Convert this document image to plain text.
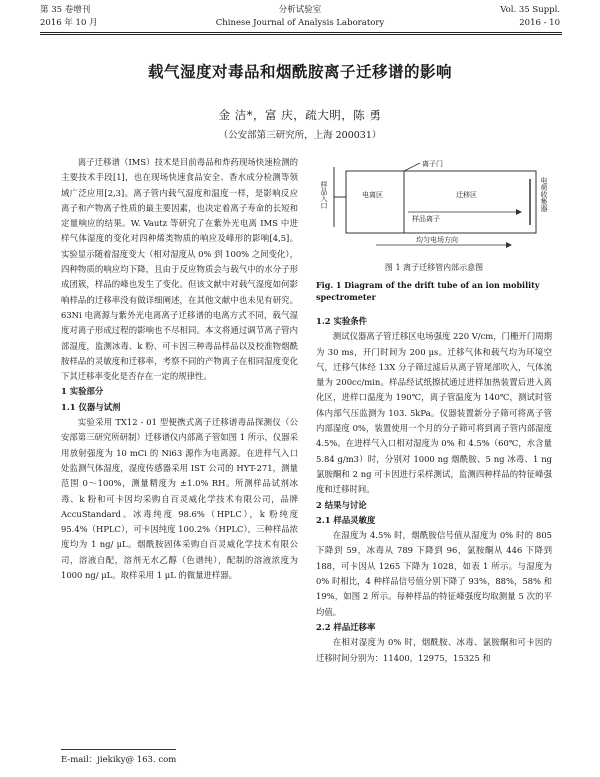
第 35 卷增刊
2016 年 10 月
分析试验室
Chinese Journal of Analysis Laboratory
Vol. 35 Suppl.
2016 - 10
载气湿度对毒品和烟酰胺离子迁移谱的影响
金 洁*，富 庆，疏大明，陈 勇
（公安部第三研究所，上海 200031）

离子迁移谱（IMS）技术是目前毒品和炸药现场快速检测的主要技术手段[1]，也在现场快速食品安全、香水成分检测等领域广泛应用[2,3]。离子管内载气湿度和温度一样，是影响反应离子和产物离子性质的最主要因素，也决定着离子寿命的长短和定量响应的结果。W. Vautz 等研究了在紫外光电离 IMS 中进样气体湿度的变化对四种烯类物质的响应及峰形的影响[4,5]。实验显示随着湿度变大（相对湿度从 0% 到 100% 之间变化），四种物质的响应均下降，且由于反应物质会与载气中的水分子形成团簇，样品的峰也发生了变化。但该文献中对载气湿度如何影响样品的迁移率没有做详细阐述，在其他文献中也未见有研究。63Ni 电离源与紫外光电离离子迁移谱的电离方式不同，载气湿度对离子形成过程的影响也不尽相同。本文将通过调节离子管内部湿度，监测冰毒、k 粉、可卡因三种毒品样品以及校准物烟酰胺样品的灵敏度和迁移率，考察不同的产物离子在相同湿度变化下其迁移率变化是否存在一定的规律性。

1 实验部分

1.1 仪器与试剂

实验采用 TX12 - 01 型便携式离子迁移谱毒品探测仪（公安部第三研究所研制）迁移谱仪内部离子管如图 1 所示，仪器采用放射强度为 10 mCi 的 Ni63 源作为电离源。在进样气入口处监测气体湿度，湿度传感器采用 IST 公司的 HYT-271，测量范围 0～100%，测量精度为 ±1.0% RH。所测样品试剂冰毒、k 粉和可卡因均采购自百灵威化学技术有限公司，品牌 AccuStandard。冰毒纯度 98.6%（HPLC），k 粉纯度 95.4%（HPLC），可卡因纯度 100.2%（HPLC），三种样品浓度均为 1 ng/ μL。烟酰胺固体采购自百灵威化学技术有限公司，溶液自配，溶剂无水乙醇（色谱纯），配制的溶液浓度为 1000 ng/ μL。取样采用 1 μL 的微量进样器。

离子门
电离区	迁移区
样品离子
样品入口	电荷收集器
均匀电场方向
图 1 离子迁移管内部示意图
Fig. 1 Diagram of the drift tube of an ion mobility spectrometer

1.2 实验条件

测试仪器离子管迁移区电场强度 220 V/cm，门栅开门周期为 30 ms，开门时间为 200 μs。迁移气体和载气均为环境空气，迁移气体经 13X 分子筛过滤后从离子管尾部吹入，气体流量为 200cc/min。样品经试纸擦拭通过进样加热装置后进入离化区，进样口温度为 190℃，离子管温度为 140℃，测试时管体内部气压监测为 103. 5kPa。仪器装置新分子筛可将离子管内部湿度 0%，装置使用一个月的分子筛可将到离子管内部湿度 4.5%。在进样气入口相对湿度为 0% 和 4.5%（60℃，水含量 5.84 g/m3）时，分别对 1000 ng 烟酰胺、5 ng 冰毒、1 ng 氯胺酮和 2 ng 可卡因进行采样测试，监测四种样品的特征峰强度和迁移时间。

2 结果与讨论

2.1 样品灵敏度

在湿度为 4.5% 时，烟酰胺信号值从湿度为 0% 时的 805 下降到 59，冰毒从 789 下降到 96，氯胺酮从 446 下降到 188，可卡因从 1265 下降为 1028，如表 1 所示。与湿度为 0% 时相比，4 种样品信号值分别下降了 93%，88%，58% 和 19%，如图 2 所示。每种样品的特征峰强度均取测量 5 次的平均值。

2.2 样品迁移率

在相对湿度为 0% 时，烟酰胺、冰毒、氯胺酮和可卡因的迁移时间分别为：11400，12975，15325 和

E-mail：jiekiky@ 163. com
